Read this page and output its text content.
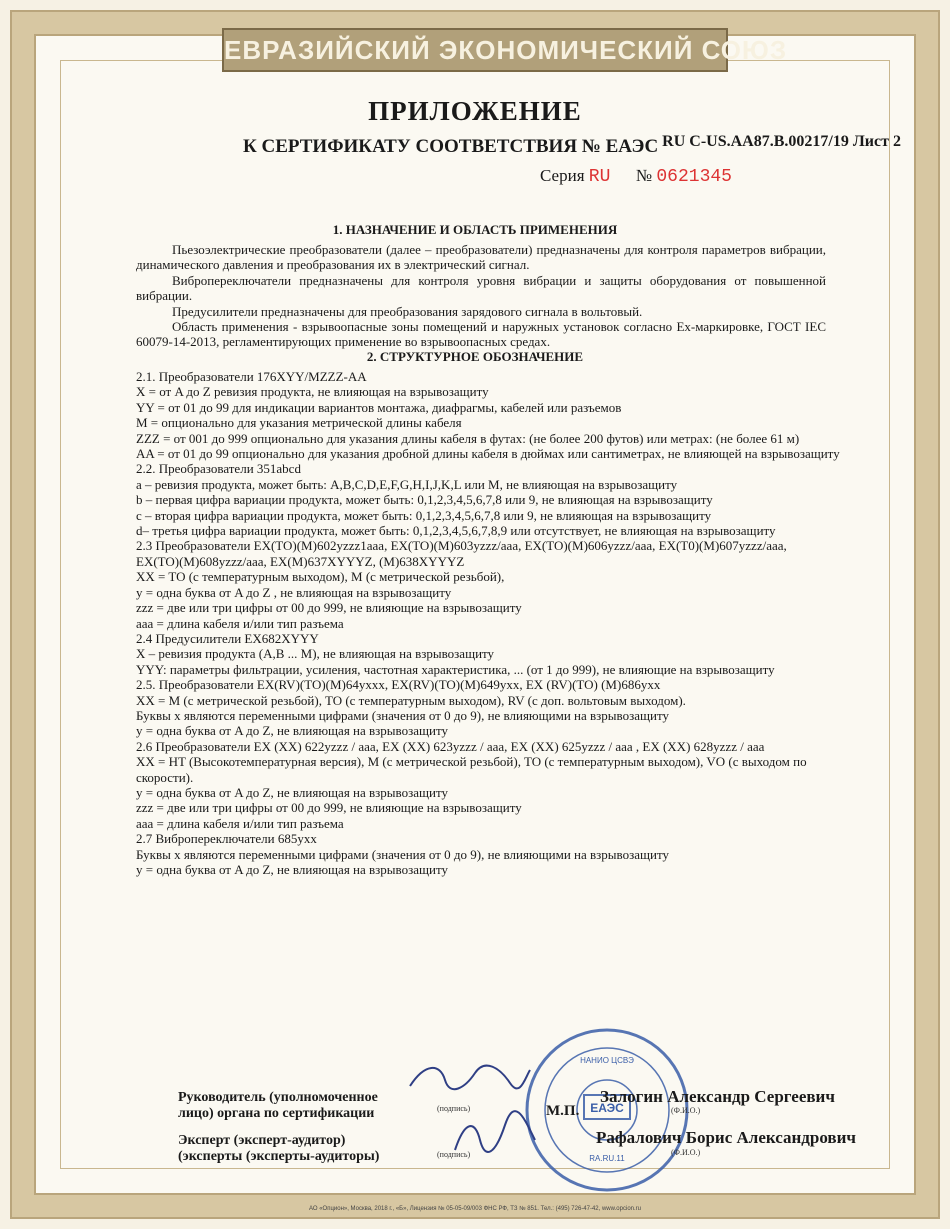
ЕВРАЗИЙСКИЙ ЭКОНОМИЧЕСКИЙ СОЮЗ
ПРИЛОЖЕНИЕ
К СЕРТИФИКАТУ СООТВЕТСТВИЯ № ЕАЭС RU С-US.АА87.В.00217/19 Лист 2
Серия RU № 0621345
1. НАЗНАЧЕНИЕ И ОБЛАСТЬ ПРИМЕНЕНИЯ

Пьезоэлектрические преобразователи (далее – преобразователи) предназначены для контроля параметров вибрации, динамического давления и преобразования их в электрический сигнал.

Вибропереключатели предназначены для контроля уровня вибрации и защиты оборудования от повышенной вибрации.

Предусилители предназначены для преобразования зарядового сигнала в вольтовый.

Область применения - взрывоопасные зоны помещений и наружных установок согласно Ex-маркировке, ГОСТ IEC 60079-14-2013, регламентирующих применение во взрывоопасных средах.

2. СТРУКТУРНОЕ ОБОЗНАЧЕНИЕ
2.1. Преобразователи 176XYY/MZZZ-AA
X = от A до Z ревизия продукта, не влияющая на взрывозащиту
YY = от 01 до 99 для индикации вариантов монтажа, диафрагмы, кабелей или разъемов
M = опционально для указания метрической длины кабеля
ZZZ = от 001 до 999 опционально для указания длины кабеля в футах: (не более 200 футов) или метрах: (не более 61 м)
AA = от 01 до 99 опционально для указания дробной длины кабеля в дюймах или сантиметрах, не влияющей на взрывозащиту
2.2. Преобразователи 351abcd
a – ревизия продукта, может быть: A,B,C,D,E,F,G,H,I,J,K,L или M, не влияющая на взрывозащиту
b – первая цифра вариации продукта, может быть: 0,1,2,3,4,5,6,7,8 или 9, не влияющая на взрывозащиту
c – вторая цифра вариации продукта, может быть: 0,1,2,3,4,5,6,7,8 или 9, не влияющая на взрывозащиту
d– третья цифра вариации продукта, может быть: 0,1,2,3,4,5,6,7,8,9 или отсутствует, не влияющая на взрывозащиту
2.3 Преобразователи EX(TO)(M)602yzzz1aaa, EX(TO)(M)603yzzz/aaa, EX(TO)(M)606yzzz/aaa, EX(T0)(M)607yzzz/aaa, EX(TO)(M)608yzzz/aaa, EX(M)637XYYYZ, (M)638XYYYZ
XX = TO (с температурным выходом), M (с метрической резьбой),
y = одна буква от A до Z , не влияющая на взрывозащиту
zzz = две или три цифры от 00 до 999, не влияющие на взрывозащиту
aaa = длина кабеля и/или тип разъема
2.4 Предусилители EX682XYYY
X – ревизия продукта (A,B ... M), не влияющая на взрывозащиту
YYY: параметры фильтрации, усиления, частотная характеристика, ... (от 1 до 999), не влияющие на взрывозащиту
2.5. Преобразователи EX(RV)(TO)(M)64yxxx, EX(RV)(TO)(M)649yxx, EX (RV)(TO) (M)686yxx
XX = M (с метрической резьбой), TO (с температурным выходом), RV (с доп. вольтовым выходом).
Буквы x являются переменными цифрами (значения от 0 до 9), не влияющими на взрывозащиту
y = одна буква от A до Z, не влияющая на взрывозащиту
2.6 Преобразователи EX (XX) 622yzzz / aaa, EX (XX) 623yzzz / aaa, EX (XX) 625yzzz / aaa , EX (XX) 628yzzz / aaa
XX = HT (Высокотемпературная версия), M (с метрической резьбой), TO (с температурным выходом), VO (с выходом по скорости).
y = одна буква от A до Z, не влияющая на взрывозащиту
zzz = две или три цифры от 00 до 999, не влияющие на взрывозащиту
aaa = длина кабеля и/или тип разъема
2.7 Вибропереключатели 685yxx
Буквы x являются переменными цифрами (значения от 0 до 9), не влияющими на взрывозащиту
y = одна буква от A до Z, не влияющая на взрывозащиту
ЕАЭС
НАНИО ЦСВЭ
RA.RU.11
Руководитель (уполномоченное
лицо) органа по сертификации	(подпись)
Залогин Александр Сергеевич
(Ф.И.О.)
М.П.
Эксперт (эксперт-аудитор)
(эксперты (эксперты-аудиторы)	(подпись)
Рафалович Борис Александрович
(Ф.И.О.)
АО «Опцион», Москва, 2018 г., «Б», Лицензия № 05-05-09/003 ФНС РФ, ТЗ № 851. Тел.: (495) 726-47-42, www.opcion.ru
